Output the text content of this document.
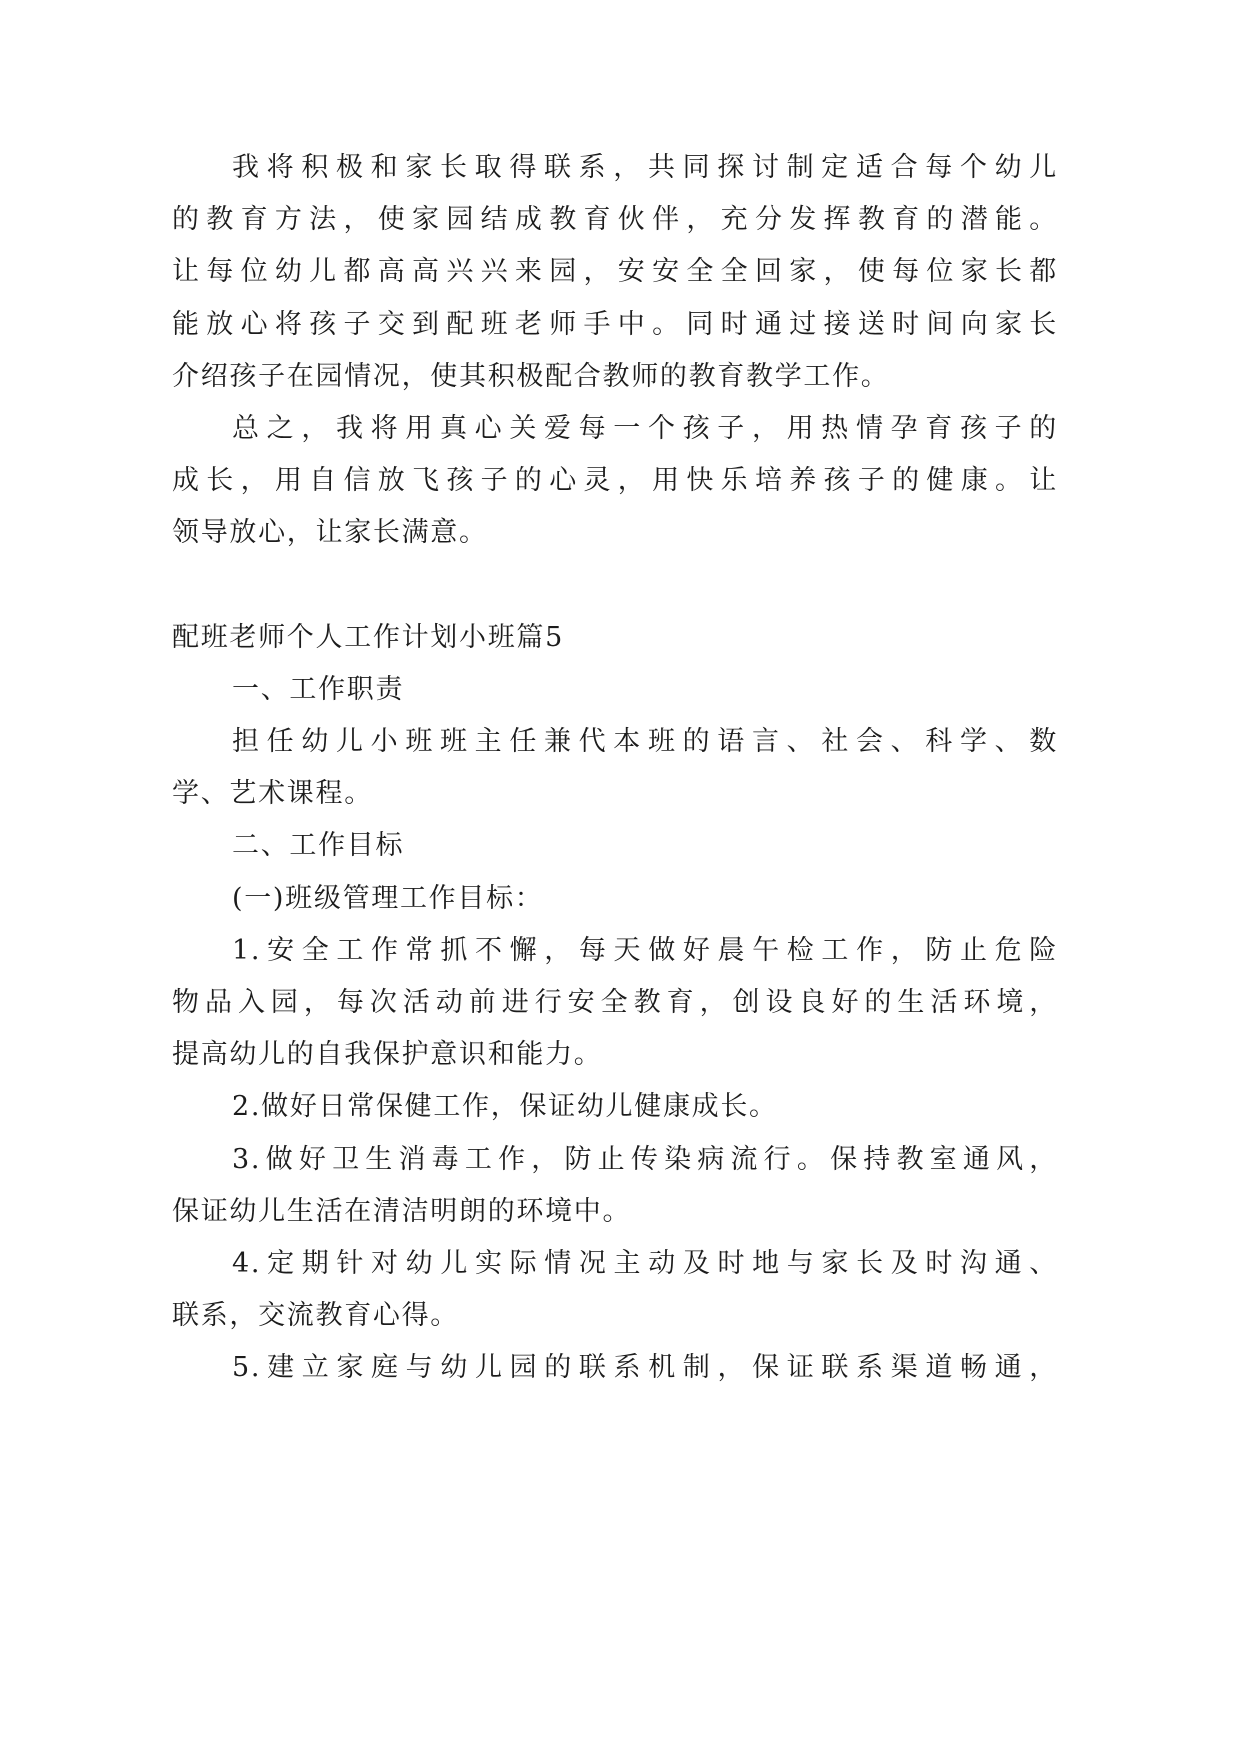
我将积极和家长取得联系，共同探讨制定适合每个幼儿
的教育方法，使家园结成教育伙伴，充分发挥教育的潜能。
让每位幼儿都高高兴兴来园，安安全全回家，使每位家长都
能放心将孩子交到配班老师手中。同时通过接送时间向家长
介绍孩子在园情况，使其积极配合教师的教育教学工作。
总之，我将用真心关爱每一个孩子，用热情孕育孩子的
成长，用自信放飞孩子的心灵，用快乐培养孩子的健康。让
领导放心，让家长满意。
配班老师个人工作计划小班篇5
一、工作职责
担任幼儿小班班主任兼代本班的语言、社会、科学、数
学、艺术课程。
二、工作目标
(一)班级管理工作目标：
1.安全工作常抓不懈，每天做好晨午检工作，防止危险
物品入园，每次活动前进行安全教育，创设良好的生活环境，
提高幼儿的自我保护意识和能力。
2.做好日常保健工作，保证幼儿健康成长。
3.做好卫生消毒工作，防止传染病流行。保持教室通风，
保证幼儿生活在清洁明朗的环境中。
4.定期针对幼儿实际情况主动及时地与家长及时沟通、
联系，交流教育心得。
5.建立家庭与幼儿园的联系机制，保证联系渠道畅通，
